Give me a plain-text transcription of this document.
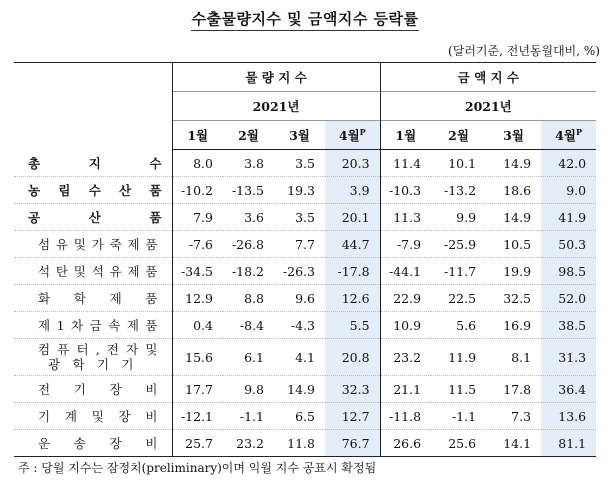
수출물량지수 및 금액지수 등락률
(달러기준, 전년동월대비, %)
	물 량 지 수				금 액 지 수			
	2021년				2021년			
	1월	2월	3월	4월$^P$	1월	2월	3월	4월$^P$
총 지 수	8.0	3.8	3.5	20.3	11.4	10.1	14.9	42.0
농 림 수 산 품	-10.2	-13.5	19.3	3.9	-10.3	-13.2	18.6	9.0
공 산 품	7.9	3.6	3.5	20.1	11.3	9.9	14.9	41.9
섬 유 및 가 죽 제 품	-7.6	-26.8	7.7	44.7	-7.9	-25.9	10.5	50.3
석 탄 및 석 유 제 품	-34.5	-18.2	-26.3	-17.8	-44.1	-11.7	19.9	98.5
화 학 제 품	12.9	8.8	9.6	12.6	22.9	22.5	32.5	52.0
제 1 차 금 속 제 품	0.4	-8.4	-4.3	5.5	10.9	5.6	16.9	38.5

컴 퓨 터 , 전 자 및
광 학 기 기	15.6	6.1	4.1	20.8	23.2	11.9	8.1	31.3
전 기 장 비	17.7	9.8	14.9	32.3	21.1	11.5	17.8	36.4
기 계 및 장 비	-12.1	-1.1	6.5	12.7	-11.8	-1.1	7.3	13.6
운 송 장 비	25.7	23.2	11.8	76.7	26.6	25.6	14.1	81.1
주 : 당월 지수는 잠정치(preliminary)이며 익월 지수 공표시 확정됨
